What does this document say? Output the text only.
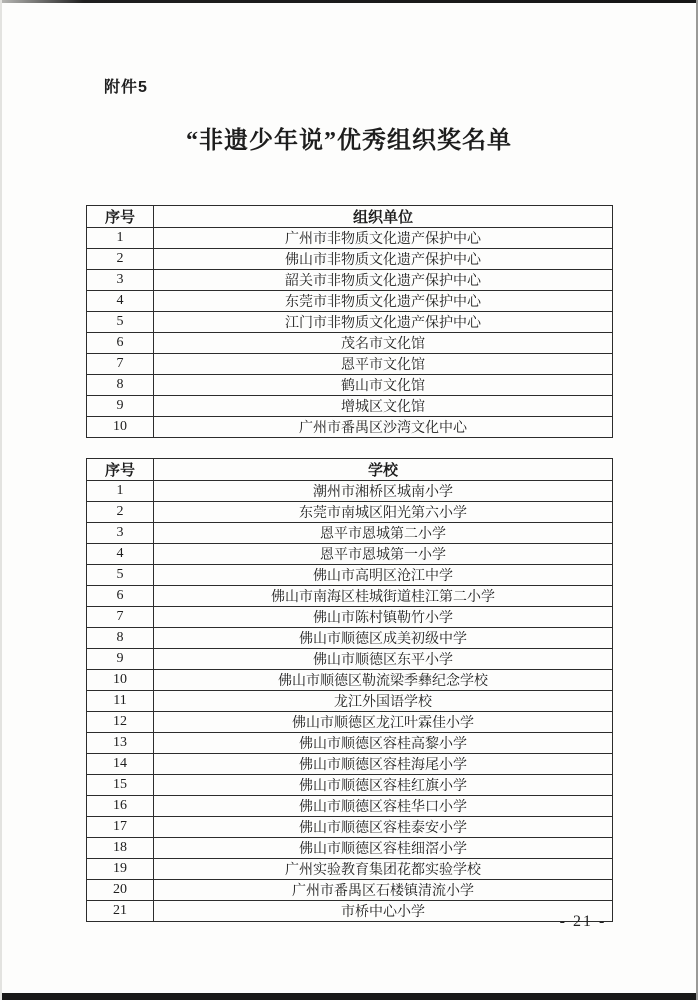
附件5
“非遗少年说”优秀组织奖名单
序号	组织单位
1	广州市非物质文化遗产保护中心
2	佛山市非物质文化遗产保护中心
3	韶关市非物质文化遗产保护中心
4	东莞市非物质文化遗产保护中心
5	江门市非物质文化遗产保护中心
6	茂名市文化馆
7	恩平市文化馆
8	鹤山市文化馆
9	增城区文化馆
10	广州市番禺区沙湾文化中心
序号	学校
1	潮州市湘桥区城南小学
2	东莞市南城区阳光第六小学
3	恩平市恩城第二小学
4	恩平市恩城第一小学
5	佛山市高明区沧江中学
6	佛山市南海区桂城街道桂江第二小学
7	佛山市陈村镇勒竹小学
8	佛山市顺德区成美初级中学
9	佛山市顺德区东平小学
10	佛山市顺德区勒流梁季彝纪念学校
11	龙江外国语学校
12	佛山市顺德区龙江叶霖佳小学
13	佛山市顺德区容桂高黎小学
14	佛山市顺德区容桂海尾小学
15	佛山市顺德区容桂红旗小学
16	佛山市顺德区容桂华口小学
17	佛山市顺德区容桂泰安小学
18	佛山市顺德区容桂细滘小学
19	广州实验教育集团花都实验学校
20	广州市番禺区石楼镇清流小学
21	市桥中心小学
- 21 -
